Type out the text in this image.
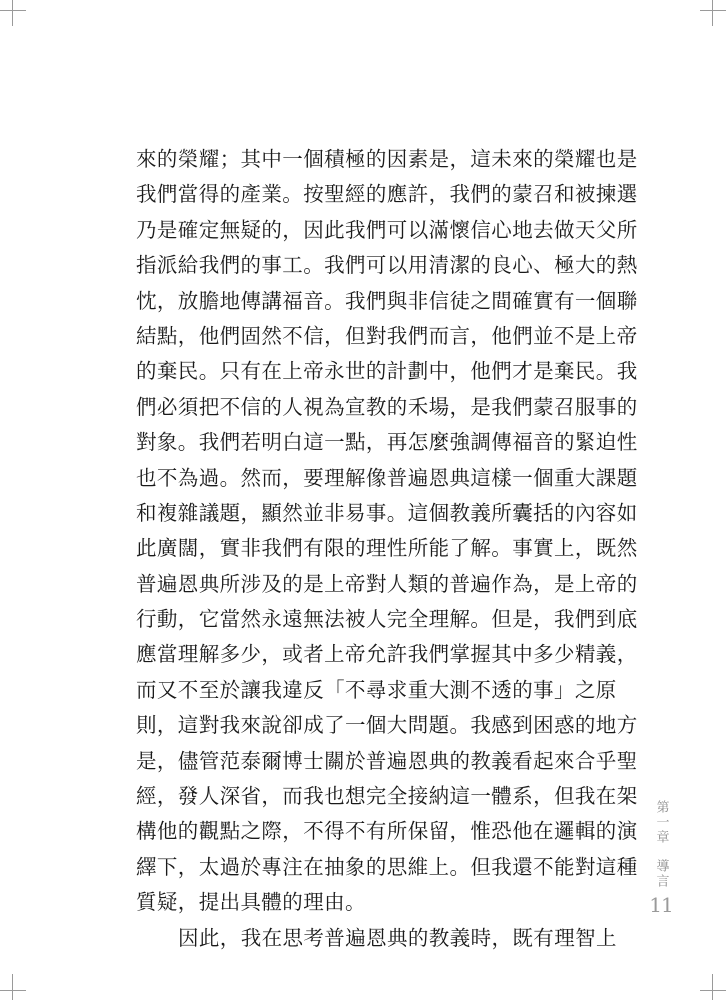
來的榮耀；其中一個積極的因素是，這未來的榮耀也是
我們當得的產業。按聖經的應許，我們的蒙召和被揀選
乃是確定無疑的，因此我們可以滿懷信心地去做天父所
指派給我們的事工。我們可以用清潔的良心、極大的熱
忱，放膽地傳講福音。我們與非信徒之間確實有一個聯
結點，他們固然不信，但對我們而言，他們並不是上帝
的棄民。只有在上帝永世的計劃中，他們才是棄民。我
們必須把不信的人視為宣教的禾場，是我們蒙召服事的
對象。我們若明白這一點，再怎麼強調傳福音的緊迫性
也不為過。然而，要理解像普遍恩典這樣一個重大課題
和複雜議題，顯然並非易事。這個教義所囊括的內容如
此廣闊，實非我們有限的理性所能了解。事實上，既然
普遍恩典所涉及的是上帝對人類的普遍作為，是上帝的
行動，它當然永遠無法被人完全理解。但是，我們到底
應當理解多少，或者上帝允許我們掌握其中多少精義，
而又不至於讓我違反「不尋求重大測不透的事」之原
則，這對我來說卻成了一個大問題。我感到困惑的地方
是，儘管范泰爾博士關於普遍恩典的教義看起來合乎聖
經，發人深省，而我也想完全接納這一體系，但我在架
構他的觀點之際，不得不有所保留，惟恐他在邏輯的演
繹下，太過於專注在抽象的思維上。但我還不能對這種
質疑，提出具體的理由。
因此，我在思考普遍恩典的教義時，既有理智上
第一章
導言
11
